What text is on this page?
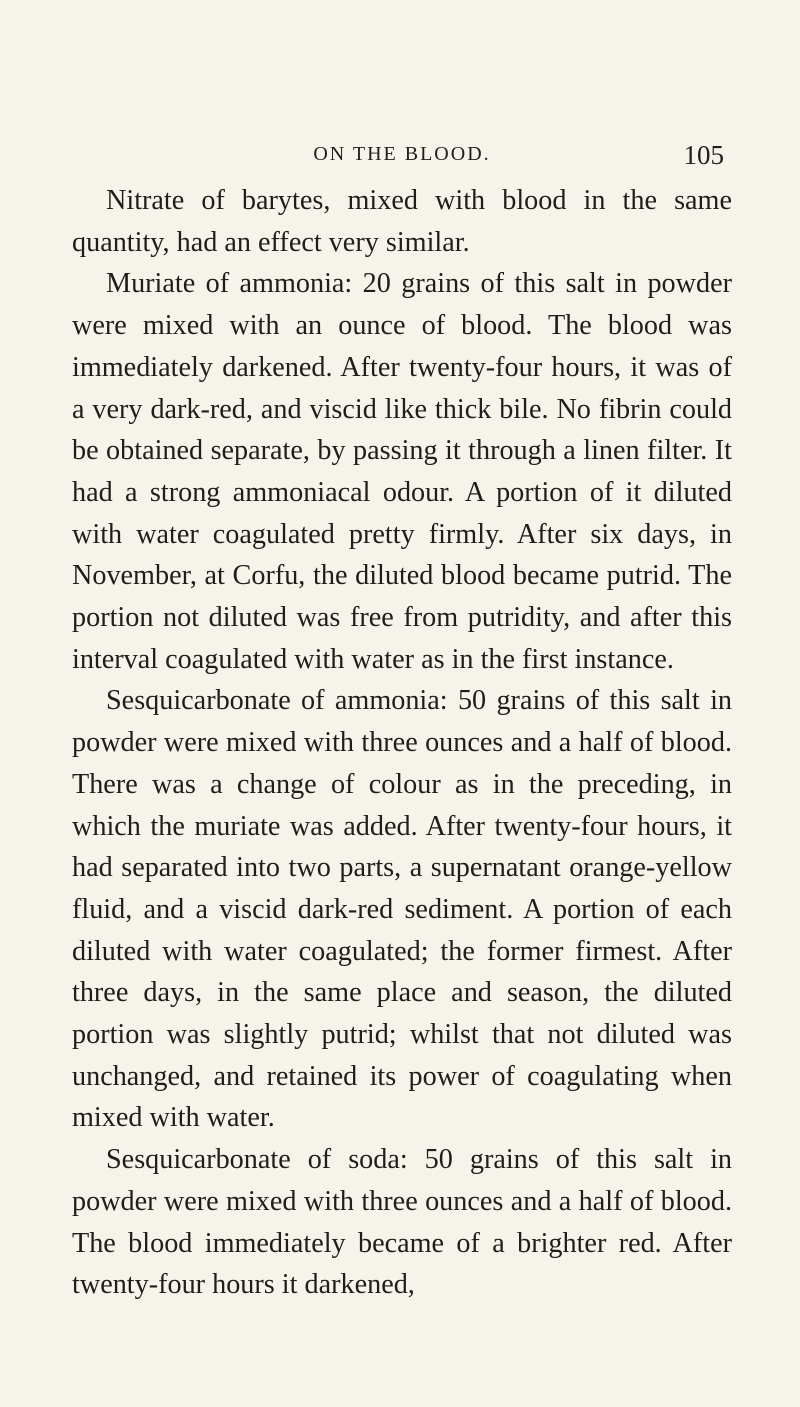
ON THE BLOOD.	105

Nitrate of barytes, mixed with blood in the same quantity, had an effect very similar.

Muriate of ammonia: 20 grains of this salt in powder were mixed with an ounce of blood. The blood was immediately darkened. After twenty-four hours, it was of a very dark-red, and viscid like thick bile. No fibrin could be obtained separate, by passing it through a linen filter. It had a strong ammoniacal odour. A portion of it diluted with water coagulated pretty firmly. After six days, in November, at Corfu, the diluted blood became putrid. The portion not diluted was free from putridity, and after this interval coagulated with water as in the first instance.

Sesquicarbonate of ammonia: 50 grains of this salt in powder were mixed with three ounces and a half of blood. There was a change of colour as in the preceding, in which the muriate was added. After twenty-four hours, it had separated into two parts, a supernatant orange-yellow fluid, and a viscid dark-red sediment. A portion of each diluted with water coagulated; the former firmest. After three days, in the same place and season, the diluted portion was slightly putrid; whilst that not diluted was unchanged, and retained its power of coagulating when mixed with water.

Sesquicarbonate of soda: 50 grains of this salt in powder were mixed with three ounces and a half of blood. The blood immediately became of a brighter red. After twenty-four hours it darkened,
